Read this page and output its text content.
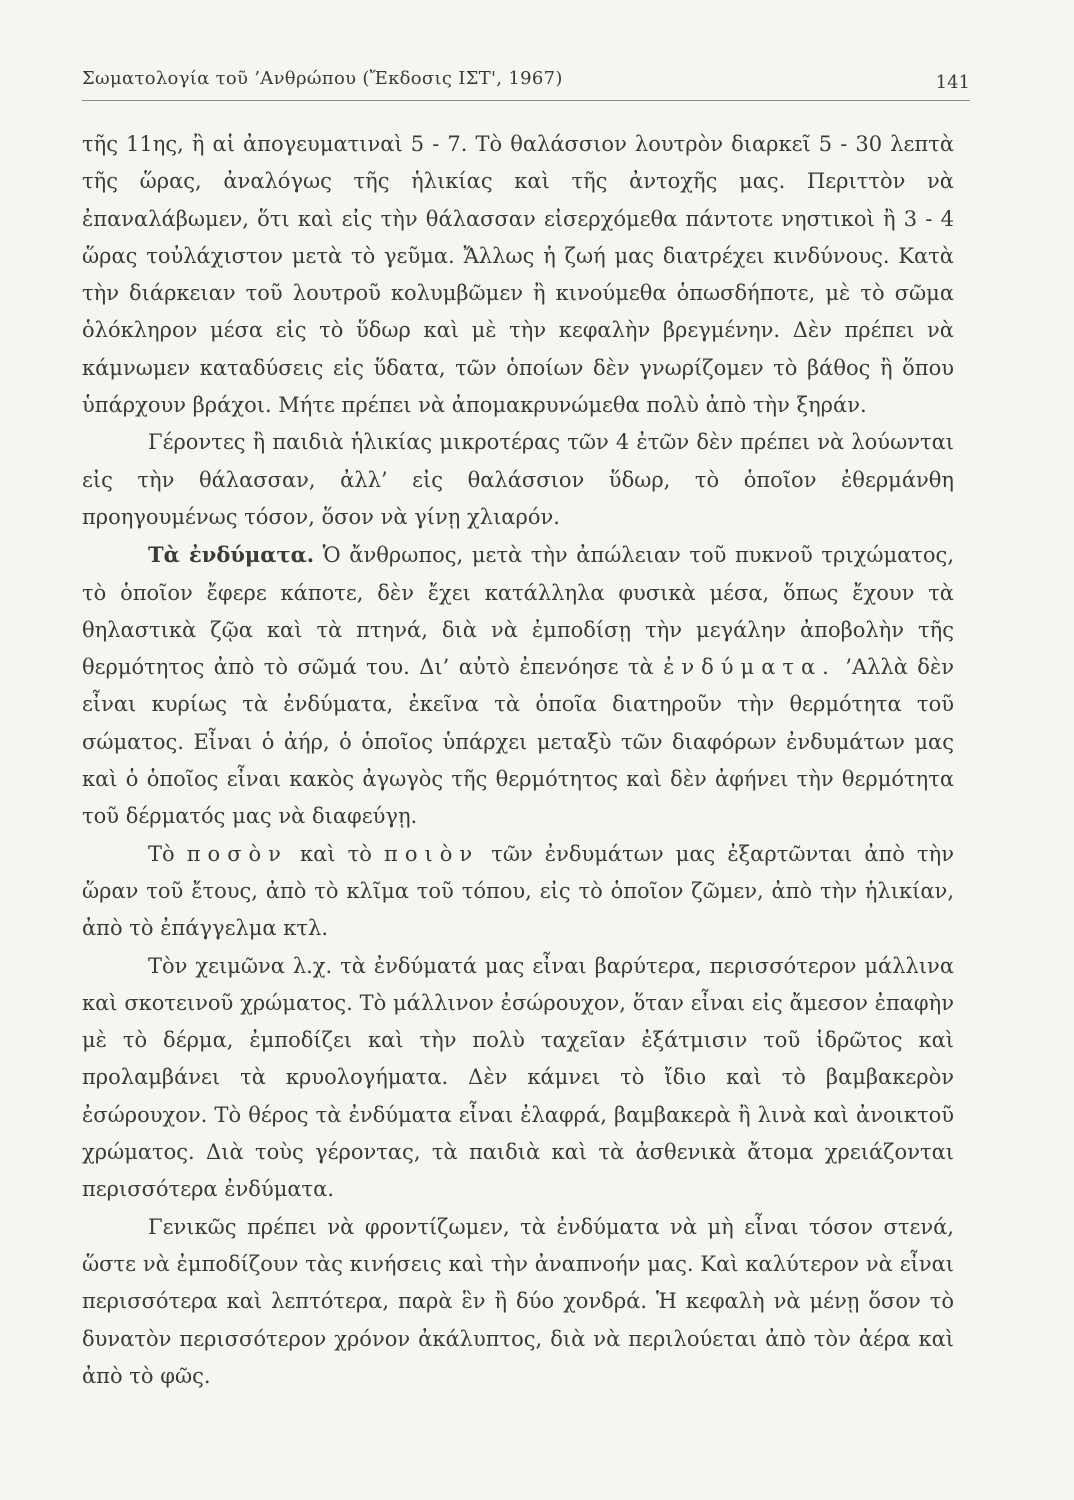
Σωματολογία τοῦ ’Ανθρώπου (Ἔκδοσις ΙΣΤ', 1967)	141

τῆς 11ης, ἢ αἱ ἀπογευματιναὶ 5 - 7. Τὸ θαλάσσιον λουτρὸν διαρκεῖ 5 - 30 λεπτὰ τῆς ὥρας, ἀναλόγως τῆς ἡλικίας καὶ τῆς ἀντοχῆς μας. Περιττὸν νὰ ἐπαναλάβωμεν, ὅτι καὶ εἰς τὴν θάλασσαν εἰσερχόμεθα πάντοτε νηστικοὶ ἢ 3 - 4 ὥρας τοὐλάχιστον μετὰ τὸ γεῦμα. Ἄλλως ἡ ζωή μας διατρέχει κινδύνους. Κατὰ τὴν διάρκειαν τοῦ λουτροῦ κολυμβῶμεν ἢ κινούμεθα ὁπωσδήποτε, μὲ τὸ σῶμα ὁλόκληρον μέσα εἰς τὸ ὕδωρ καὶ μὲ τὴν κεφαλὴν βρεγμένην. Δὲν πρέπει νὰ κάμνωμεν καταδύσεις εἰς ὕδατα, τῶν ὁποίων δὲν γνωρίζομεν τὸ βάθος ἢ ὅπου ὑπάρχουν βράχοι. Μήτε πρέπει νὰ ἀπομακρυνώμεθα πολὺ ἀπὸ τὴν ξηράν.

Γέροντες ἢ παιδιὰ ἡλικίας μικροτέρας τῶν 4 ἐτῶν δὲν πρέπει νὰ λούωνται εἰς τὴν θάλασσαν, ἀλλ’ εἰς θαλάσσιον ὕδωρ, τὸ ὁποῖον ἐθερμάνθη προηγουμένως τόσον, ὅσον νὰ γίνῃ χλιαρόν.

Τὰ ἐνδύματα. Ὁ ἄνθρωπος, μετὰ τὴν ἀπώλειαν τοῦ πυκνοῦ τριχώματος, τὸ ὁποῖον ἔφερε κάποτε, δὲν ἔχει κατάλληλα φυσικὰ μέσα, ὅπως ἔχουν τὰ θηλαστικὰ ζῷα καὶ τὰ πτηνά, διὰ νὰ ἐμποδίσῃ τὴν μεγάλην ἀποβολὴν τῆς θερμότητος ἀπὸ τὸ σῶμά του. Δι’ αὐτὸ ἐπενόησε τὰ ἐνδύματα. ’Αλλὰ δὲν εἶναι κυρίως τὰ ἐνδύματα, ἐκεῖνα τὰ ὁποῖα διατηροῦν τὴν θερμότητα τοῦ σώματος. Εἶναι ὁ ἀήρ, ὁ ὁποῖος ὑπάρχει μεταξὺ τῶν διαφόρων ἐνδυμάτων μας καὶ ὁ ὁποῖος εἶναι κακὸς ἀγωγὸς τῆς θερμότητος καὶ δὲν ἀφήνει τὴν θερμότητα τοῦ δέρματός μας νὰ διαφεύγῃ.

Τὸ ποσὸν καὶ τὸ ποιὸν τῶν ἐνδυμάτων μας ἐξαρτῶνται ἀπὸ τὴν ὥραν τοῦ ἔτους, ἀπὸ τὸ κλῖμα τοῦ τόπου, εἰς τὸ ὁποῖον ζῶμεν, ἀπὸ τὴν ἡλικίαν, ἀπὸ τὸ ἐπάγγελμα κτλ.

Τὸν χειμῶνα λ.χ. τὰ ἐνδύματά μας εἶναι βαρύτερα, περισσότερον μάλλινα καὶ σκοτεινοῦ χρώματος. Τὸ μάλλινον ἐσώρουχον, ὅταν εἶναι εἰς ἄμεσον ἐπαφὴν μὲ τὸ δέρμα, ἐμποδίζει καὶ τὴν πολὺ ταχεῖαν ἐξάτμισιν τοῦ ἱδρῶτος καὶ προλαμβάνει τὰ κρυολογήματα. Δὲν κάμνει τὸ ἴδιο καὶ τὸ βαμβακερὸν ἐσώρουχον. Τὸ θέρος τὰ ἐνδύματα εἶναι ἐλαφρά, βαμβακερὰ ἢ λινὰ καὶ ἀνοικτοῦ χρώματος. Διὰ τοὺς γέροντας, τὰ παιδιὰ καὶ τὰ ἀσθενικὰ ἄτομα χρειάζονται περισσότερα ἐνδύματα.

Γενικῶς πρέπει νὰ φροντίζωμεν, τὰ ἐνδύματα νὰ μὴ εἶναι τόσον στενά, ὥστε νὰ ἐμποδίζουν τὰς κινήσεις καὶ τὴν ἀναπνοήν μας. Καὶ καλύτερον νὰ εἶναι περισσότερα καὶ λεπτότερα, παρὰ ἓν ἢ δύο χονδρά. Ἡ κεφαλὴ νὰ μένῃ ὅσον τὸ δυνατὸν περισσότερον χρόνον ἀκάλυπτος, διὰ νὰ περιλούεται ἀπὸ τὸν ἀέρα καὶ ἀπὸ τὸ φῶς.
